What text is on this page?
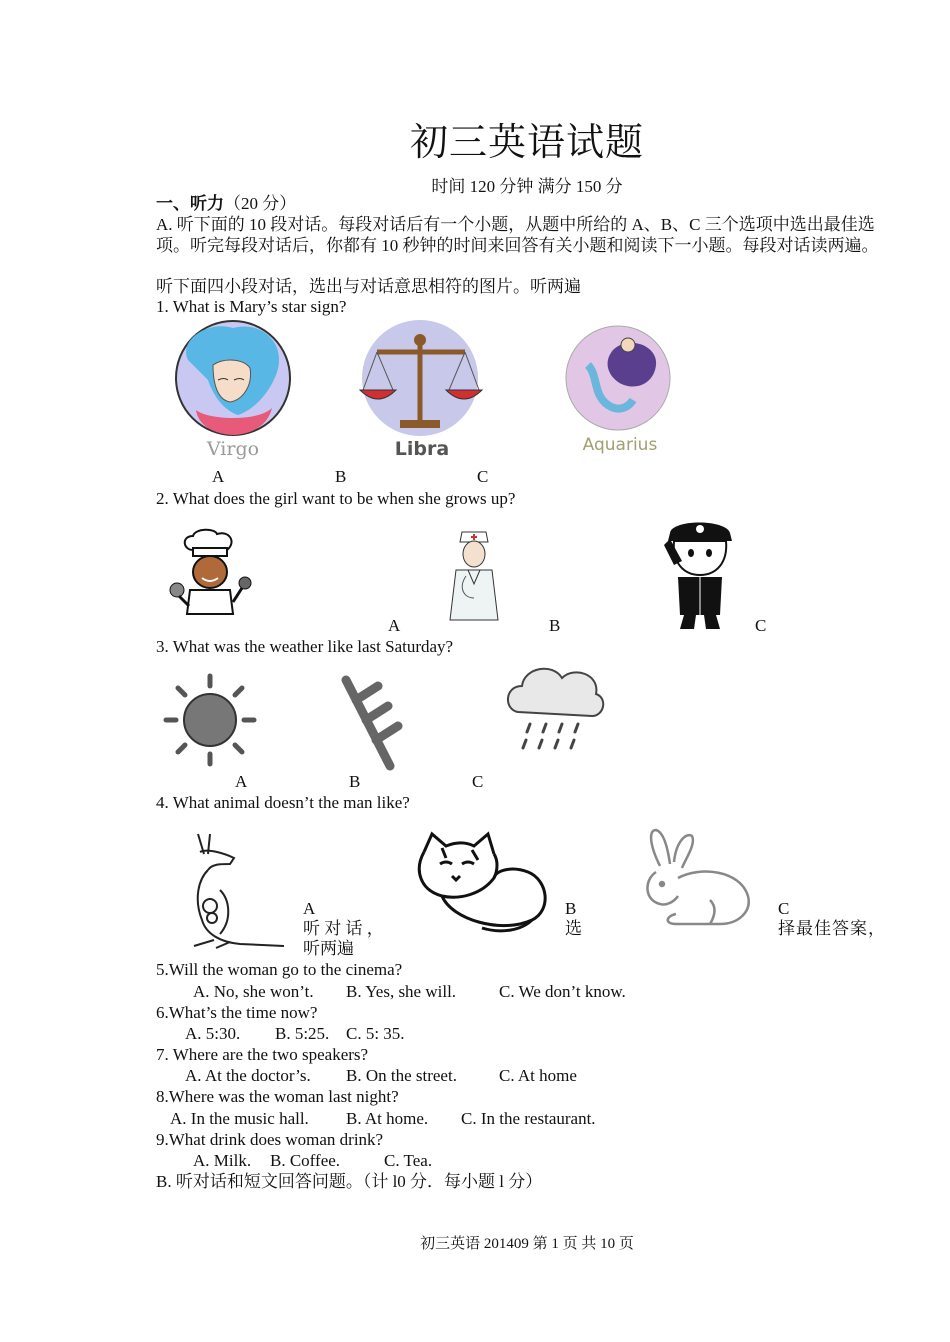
初三英语试题
时间 120 分钟 满分 150 分
一、听力（20 分）
A. 听下面的 10 段对话。每段对话后有一个小题，从题中所给的 A、B、C 三个选项中选出最佳选项。听完每段对话后，你都有 10 秒钟的时间来回答有关小题和阅读下一小题。每段对话读两遍。
听下面四小段对话，选出与对话意思相符的图片。听两遍
1. What is Mary’s star sign?
Virgo	Libra	Aquarius
A	B	C
2. What does the girl want to be when she grows up?
A	B	C
3. What was the weather like last Saturday?
A	B	C
4. What animal doesn’t the man like?
A	B	C
听 对 话 ，
听两遍
选	择最佳答案，
5.Will the woman go to the cinema?
A. No, she won’t. B. Yes, she will.	C. We don’t know.
6.What’s the time now?
A. 5:30. B. 5:25. C. 5: 35.
7. Where are the two speakers?
A. At the doctor’s. B. On the street. C. At home
8.Where was the woman last night?
A. In the music hall. B. At home. C. In the restaurant.
9.What drink does woman drink?
A. Milk. B. Coffee.	C. Tea.
B. 听对话和短文回答问题。（计 l0 分．每小题 l 分）
初三英语 201409 第 1 页 共 10 页
